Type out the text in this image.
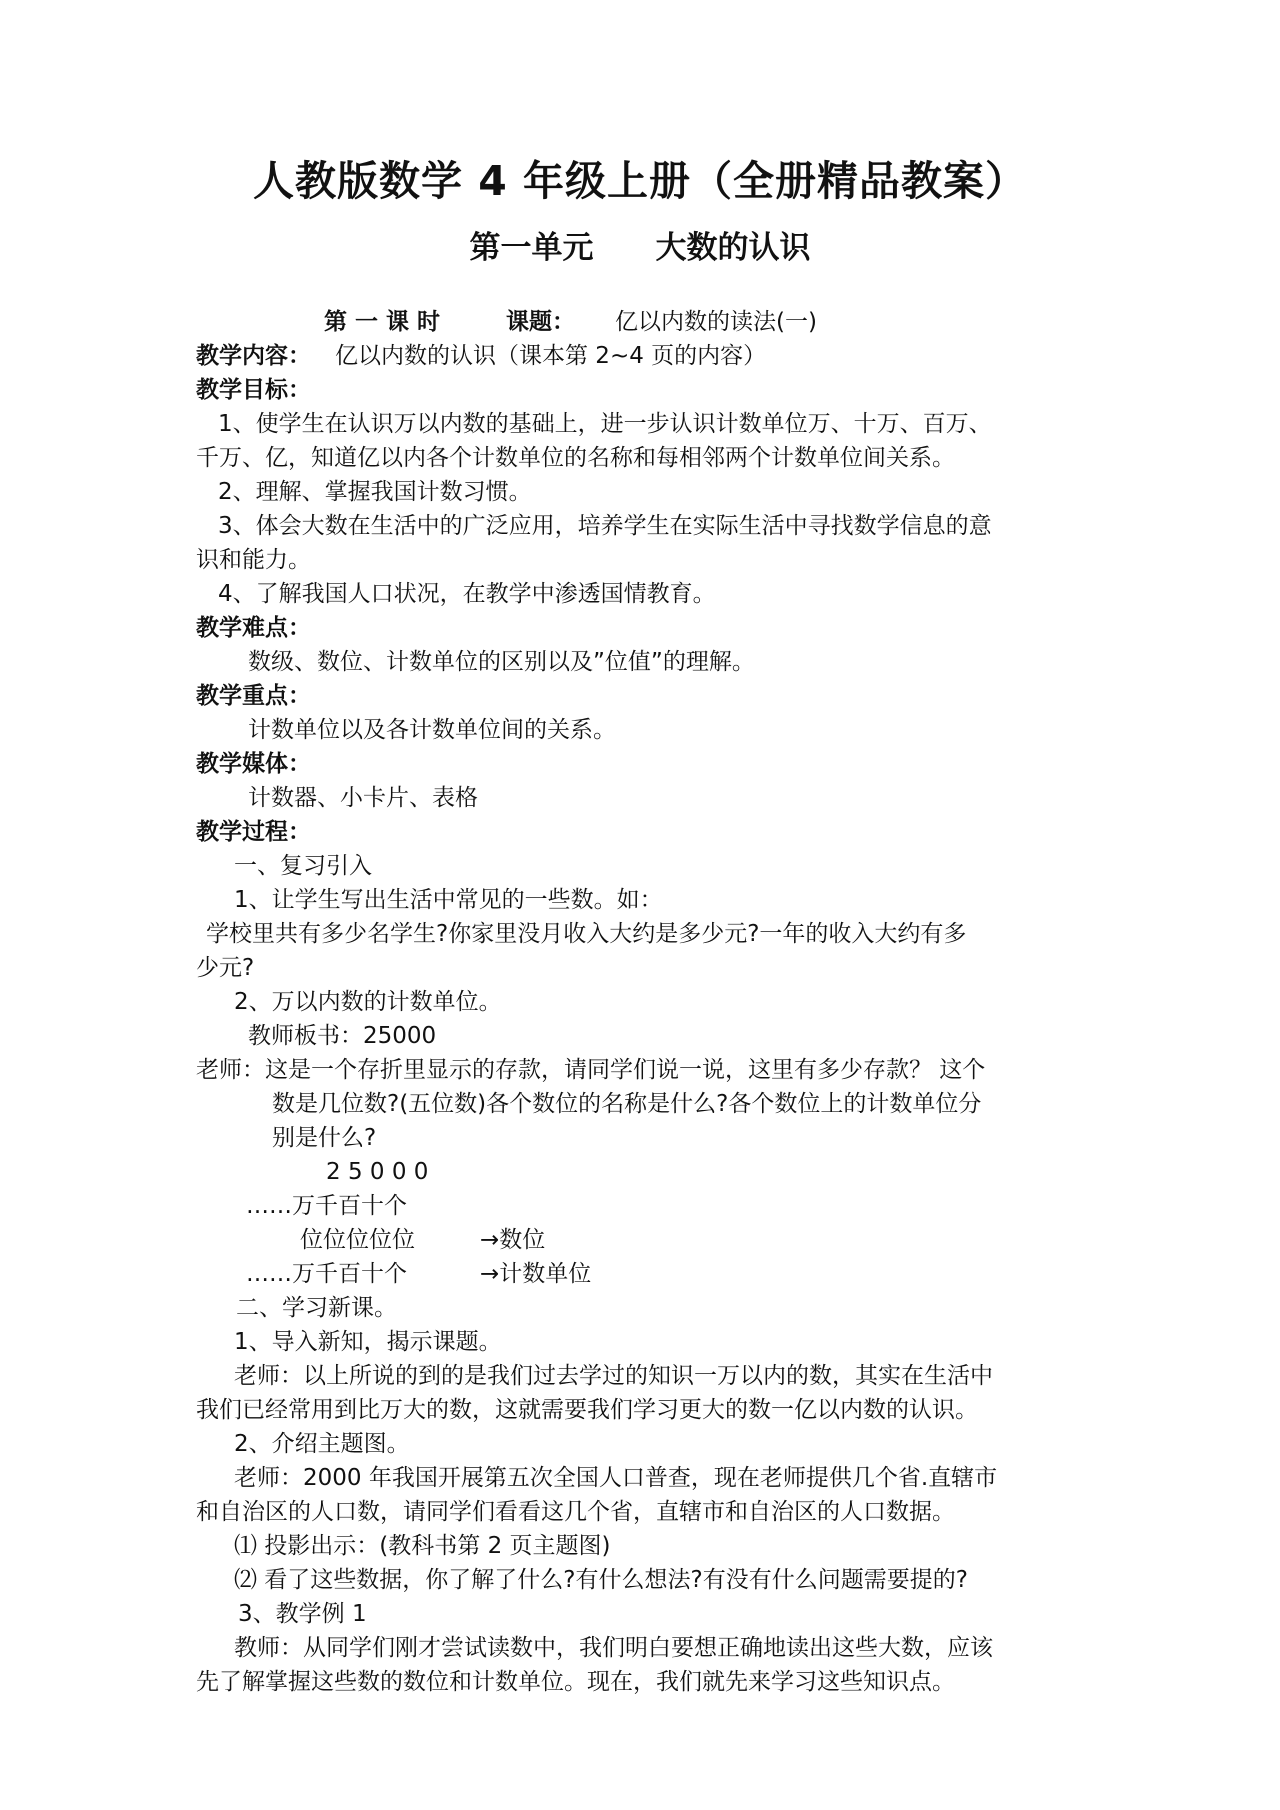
人教版数学 4 年级上册（全册精品教案）
第一单元 大数的认识
第 一 课 时	课题： 亿以内数的读法(一)
教学内容： 亿以内数的认识（课本第 2~4 页的内容）
教学目标：
1、使学生在认识万以内数的基础上，进一步认识计数单位万、十万、百万、
千万、亿，知道亿以内各个计数单位的名称和每相邻两个计数单位间关系。
2、理解、掌握我国计数习惯。
3、体会大数在生活中的广泛应用，培养学生在实际生活中寻找数学信息的意
识和能力。
4、了解我国人口状况，在教学中渗透国情教育。
教学难点：
数级、数位、计数单位的区别以及”位值”的理解。
教学重点：
计数单位以及各计数单位间的关系。
教学媒体：
计数器、小卡片、表格
教学过程：
一、复习引入
1、让学生写出生活中常见的一些数。如：
学校里共有多少名学生?你家里没月收入大约是多少元?一年的收入大约有多
少元?
2、万以内数的计数单位。
教师板书：25000
老师：这是一个存折里显示的存款，请同学们说一说，这里有多少存款？ 这个
数是几位数?(五位数)各个数位的名称是什么?各个数位上的计数单位分
别是什么?
2 5 0 0 0
……万千百十个
位位位位位	→数位
……万千百十个	→计数单位
二、学习新课。
1、导入新知，揭示课题。
老师：以上所说的到的是我们过去学过的知识一万以内的数，其实在生活中
我们已经常用到比万大的数，这就需要我们学习更大的数一亿以内数的认识。
2、介绍主题图。
老师：2000 年我国开展第五次全国人口普查，现在老师提供几个省.直辖市
和自治区的人口数，请同学们看看这几个省，直辖市和自治区的人口数据。
⑴ 投影出示：(教科书第 2 页主题图)
⑵ 看了这些数据，你了解了什么?有什么想法?有没有什么问题需要提的?
3、教学例 1
教师：从同学们刚才尝试读数中，我们明白要想正确地读出这些大数，应该
先了解掌握这些数的数位和计数单位。现在，我们就先来学习这些知识点。
